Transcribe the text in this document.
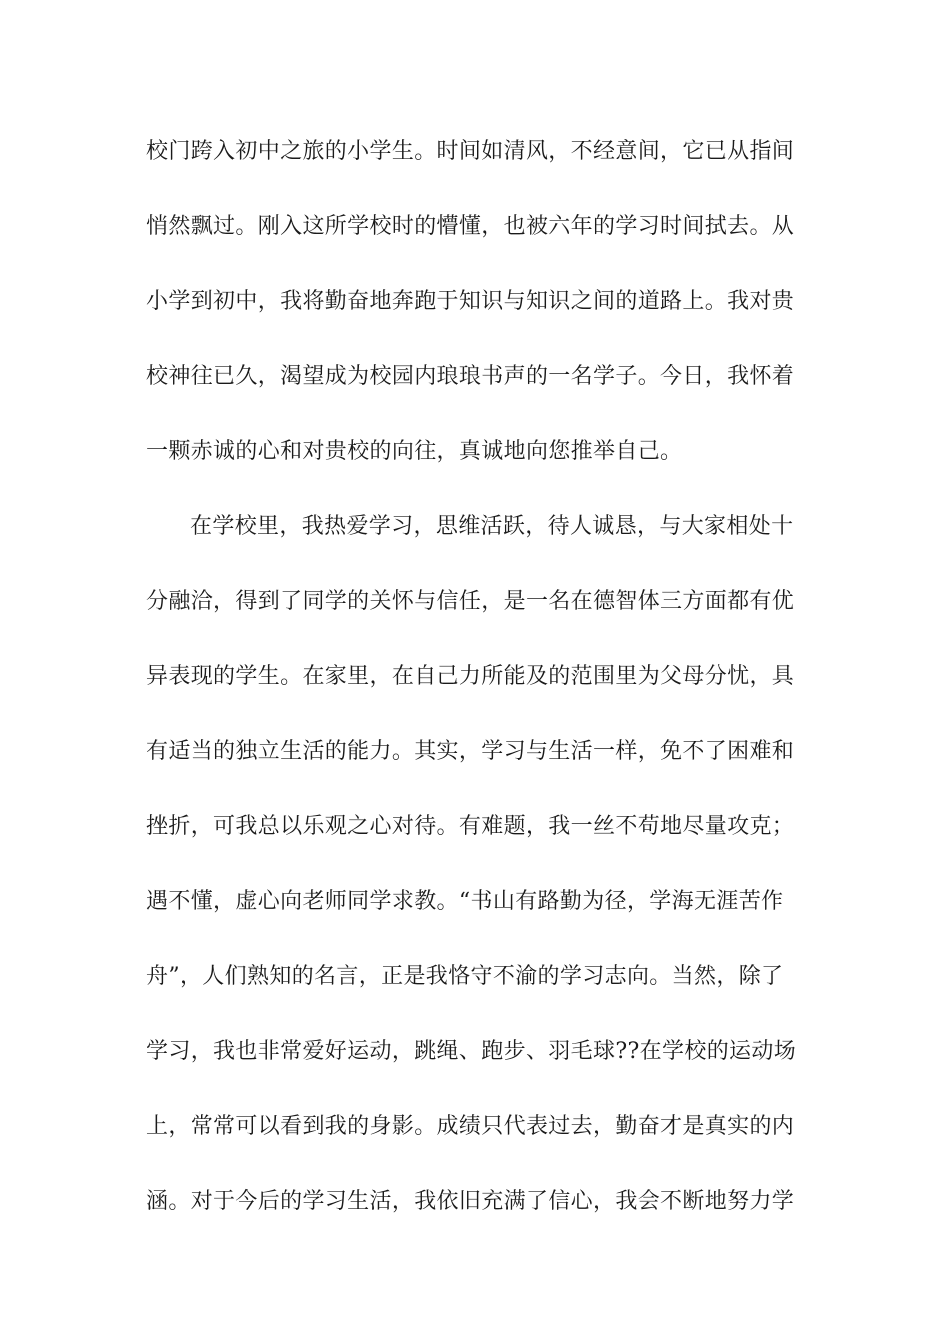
校门跨入初中之旅的小学生。时间如清风，不经意间，它已从指间
悄然飘过。刚入这所学校时的懵懂，也被六年的学习时间拭去。从
小学到初中，我将勤奋地奔跑于知识与知识之间的道路上。我对贵
校神往已久，渴望成为校园内琅琅书声的一名学子。今日，我怀着
一颗赤诚的心和对贵校的向往，真诚地向您推举自己。
在学校里，我热爱学习，思维活跃，待人诚恳，与大家相处十
分融洽，得到了同学的关怀与信任，是一名在德智体三方面都有优
异表现的学生。在家里，在自己力所能及的范围里为父母分忧，具
有适当的独立生活的能力。其实，学习与生活一样，免不了困难和
挫折，可我总以乐观之心对待。有难题，我一丝不苟地尽量攻克；
遇不懂，虚心向老师同学求教。“书山有路勤为径，学海无涯苦作
舟”，人们熟知的名言，正是我恪守不渝的学习志向。当然，除了
学习，我也非常爱好运动，跳绳、跑步、羽毛球??在学校的运动场
上，常常可以看到我的身影。成绩只代表过去，勤奋才是真实的内
涵。对于今后的学习生活，我依旧充满了信心，我会不断地努力学
